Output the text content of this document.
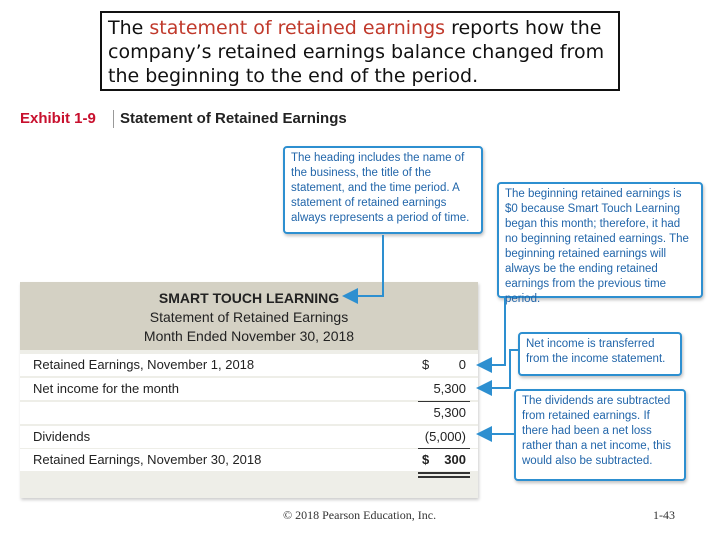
The statement of retained earnings reports how the company’s retained earnings balance changed from the beginning to the end of the period.
Exhibit 1-9 Statement of Retained Earnings
The heading includes the name of the business, the title of the statement, and the time period. A statement of retained earnings always represents a period of time.
The beginning retained earnings is $0 because Smart Touch Learning began this month; therefore, it had no beginning retained earnings. The beginning retained earnings will always be the ending retained earnings from the previous time period.
Net income is transferred from the income statement.
The dividends are subtracted from retained earnings. If there had been a net loss rather than a net income, this would also be subtracted.
SMART TOUCH LEARNING
Statement of Retained Earnings
Month Ended November 30, 2018
Retained Earnings, November 1, 2018	$ 0
Net income for the month	5,300
5,300
Dividends	(5,000)
Retained Earnings, November 30, 2018	$ 300
© 2018 Pearson Education, Inc.	1-43
